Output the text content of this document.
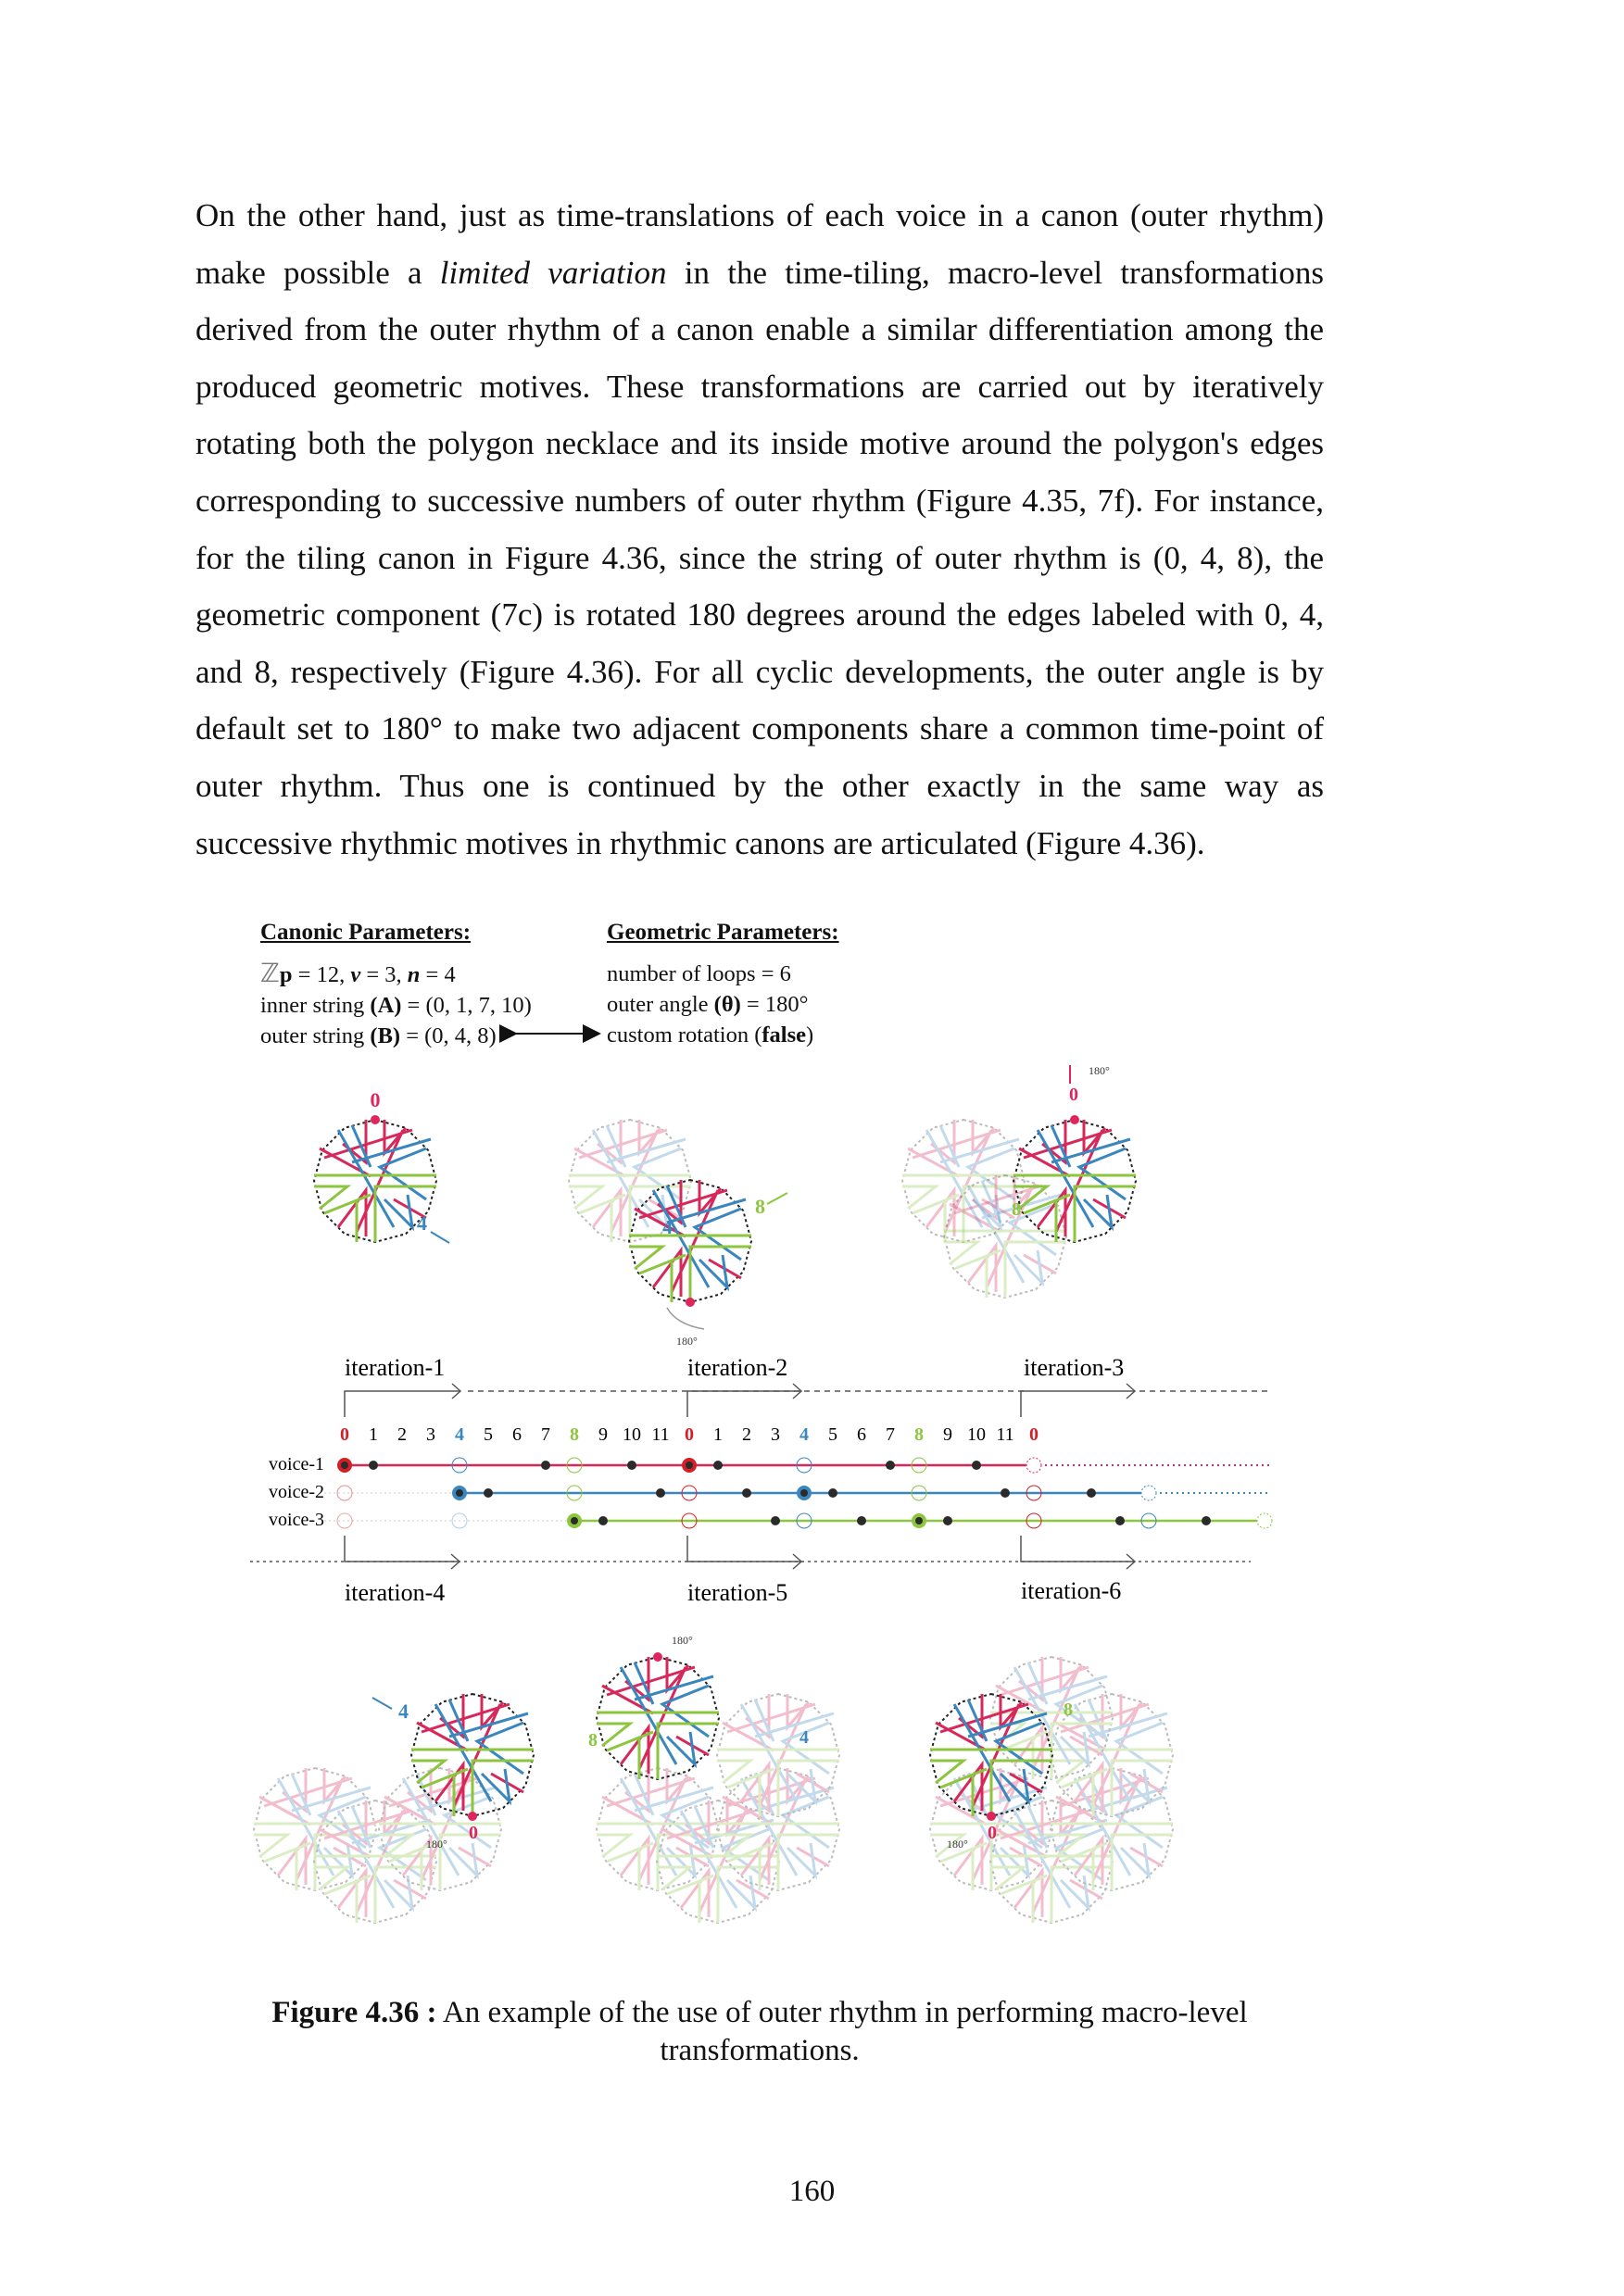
On the other hand, just as time-translations of each voice in a canon (outer rhythm)
make possible a limited variation in the time-tiling, macro-level transformations
derived from the outer rhythm of a canon enable a similar differentiation among the
produced geometric motives. These transformations are carried out by iteratively
rotating both the polygon necklace and its inside motive around the polygon's edges
corresponding to successive numbers of outer rhythm (Figure 4.35, 7f). For instance,
for the tiling canon in Figure 4.36, since the string of outer rhythm is (0, 4, 8), the
geometric component (7c) is rotated 180 degrees around the edges labeled with 0, 4,
and 8, respectively (Figure 4.36). For all cyclic developments, the outer angle is by
default set to 180° to make two adjacent components share a common time-point of
outer rhythm. Thus one is continued by the other exactly in the same way as
successive rhythmic motives in rhythmic canons are articulated (Figure 4.36).
Canonic Parameters:
ℤp = 12, v = 3, n = 4
inner string (A) = (0, 1, 7, 10)
outer string (B) = (0, 4, 8)
0
4	4
8
180°
0
180°
8
iteration-1	iteration-2	iteration-3
0 1 2 3 4 5 6 7 8 9 10 11 0 1 2 3 4 5 6 7 8 9 10 11 0
voice-1
voice-2
voice-3
iteration-4	iteration-5	iteration-6
0
4
180°
180°
8	4
0
180°
8
Geometric Parameters:
number of loops = 6
outer angle (θ) = 180°
custom rotation (false)
Figure 4.36 : An example of the use of outer rhythm in performing macro-level transformations.
160
